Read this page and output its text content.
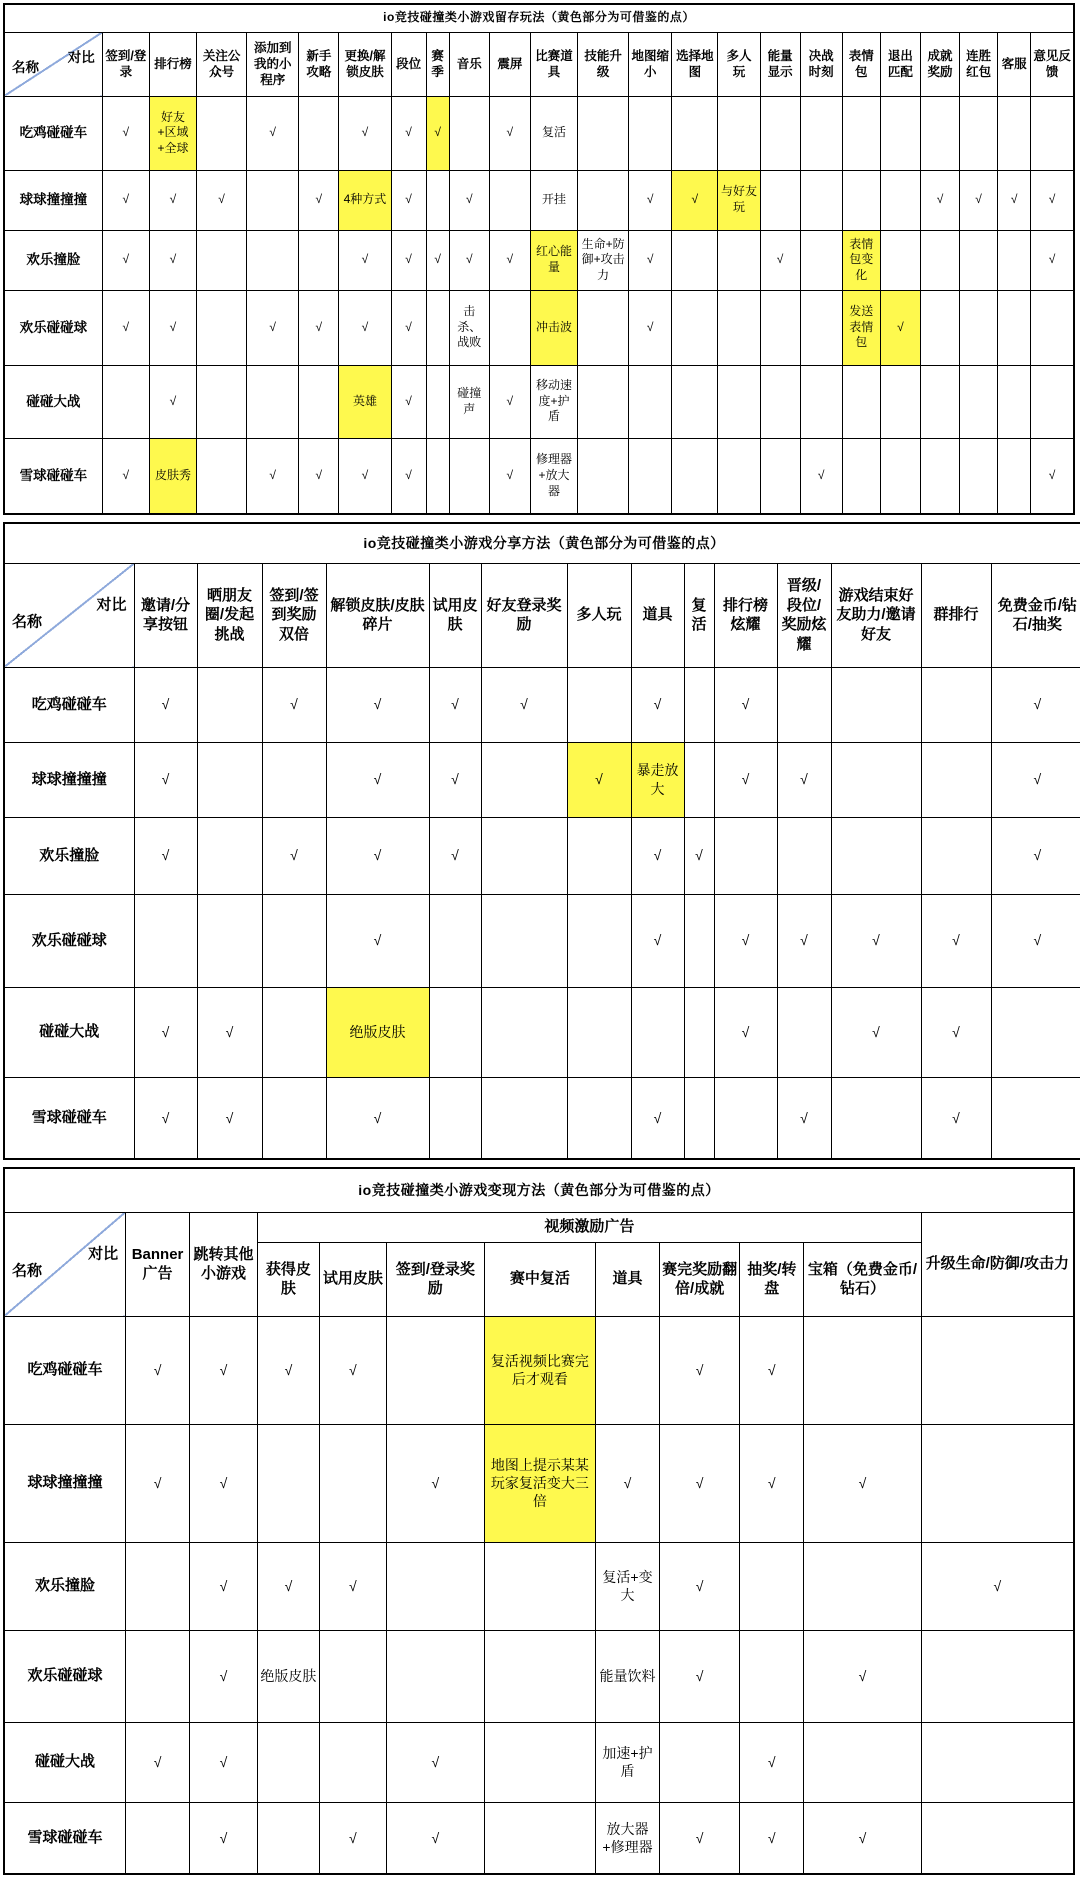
io竞技碰撞类小游戏留存玩法（黄色部分为可借鉴的点）																							

名称
对比	签到/登录	排行榜	关注公众号	添加到我的小程序	新手攻略	更换/解锁皮肤	段位	赛季	音乐	震屏	比赛道具	技能升级	地图缩小	选择地图	多人玩	能量显示	决战时刻	表情包	退出匹配	成就奖励	连胜红包	客服	意见反馈
吃鸡碰碰车	√	好友+区域+全球		√		√	√	√		√	复活												
球球撞撞撞	√	√	√		√	4种方式	√		√		开挂		√	√	与好友玩					√	√	√	√
欢乐撞脸	√	√				√	√	√	√	√	红心能量	生命+防御+攻击力	√			√		表情包变化					√
欢乐碰碰球	√	√		√	√	√	√		击杀、战败		冲击波		√					发送表情包	√				
碰碰大战		√				英雄	√		碰撞声	√	移动速度+护盾												
雪球碰碰车	√	皮肤秀		√	√	√	√			√	修理器+放大器						√						√
io竞技碰撞类小游戏分享方法（黄色部分为可借鉴的点）														

名称
对比	邀请/分享按钮	晒朋友圈/发起挑战	签到/签到奖励双倍	解锁皮肤/皮肤碎片	试用皮肤	好友登录奖励	多人玩	道具	复活	排行榜炫耀	晋级/段位/奖励炫耀	游戏结束好友助力/邀请好友	群排行	免费金币/钻石/抽奖
吃鸡碰碰车	√		√	√	√	√		√		√				√
球球撞撞撞	√			√	√		√	暴走放大		√	√			√
欢乐撞脸	√		√	√	√			√	√					√
欢乐碰碰球				√				√		√	√	√	√	√
碰碰大战	√	√		绝版皮肤						√		√	√	
雪球碰碰车	√	√		√				√			√		√	
io竞技碰撞类小游戏变现方法（黄色部分为可借鉴的点）											

名称
对比	Banner广告	跳转其他小游戏	视频激励广告								升级生命/防御/攻击力
			获得皮肤	试用皮肤	签到/登录奖励	赛中复活	道具	赛完奖励翻倍/成就	抽奖/转盘	宝箱（免费金币/钻石）	
吃鸡碰碰车	√	√	√	√		复活视频比赛完后才观看		√	√		
球球撞撞撞	√	√			√	地图上提示某某玩家复活变大三倍	√	√	√	√	
欢乐撞脸		√	√	√			复活+变大	√			√
欢乐碰碰球		√	绝版皮肤				能量饮料	√		√	
碰碰大战	√	√			√		加速+护盾		√		
雪球碰碰车		√		√	√		放大器+修理器	√	√	√	
